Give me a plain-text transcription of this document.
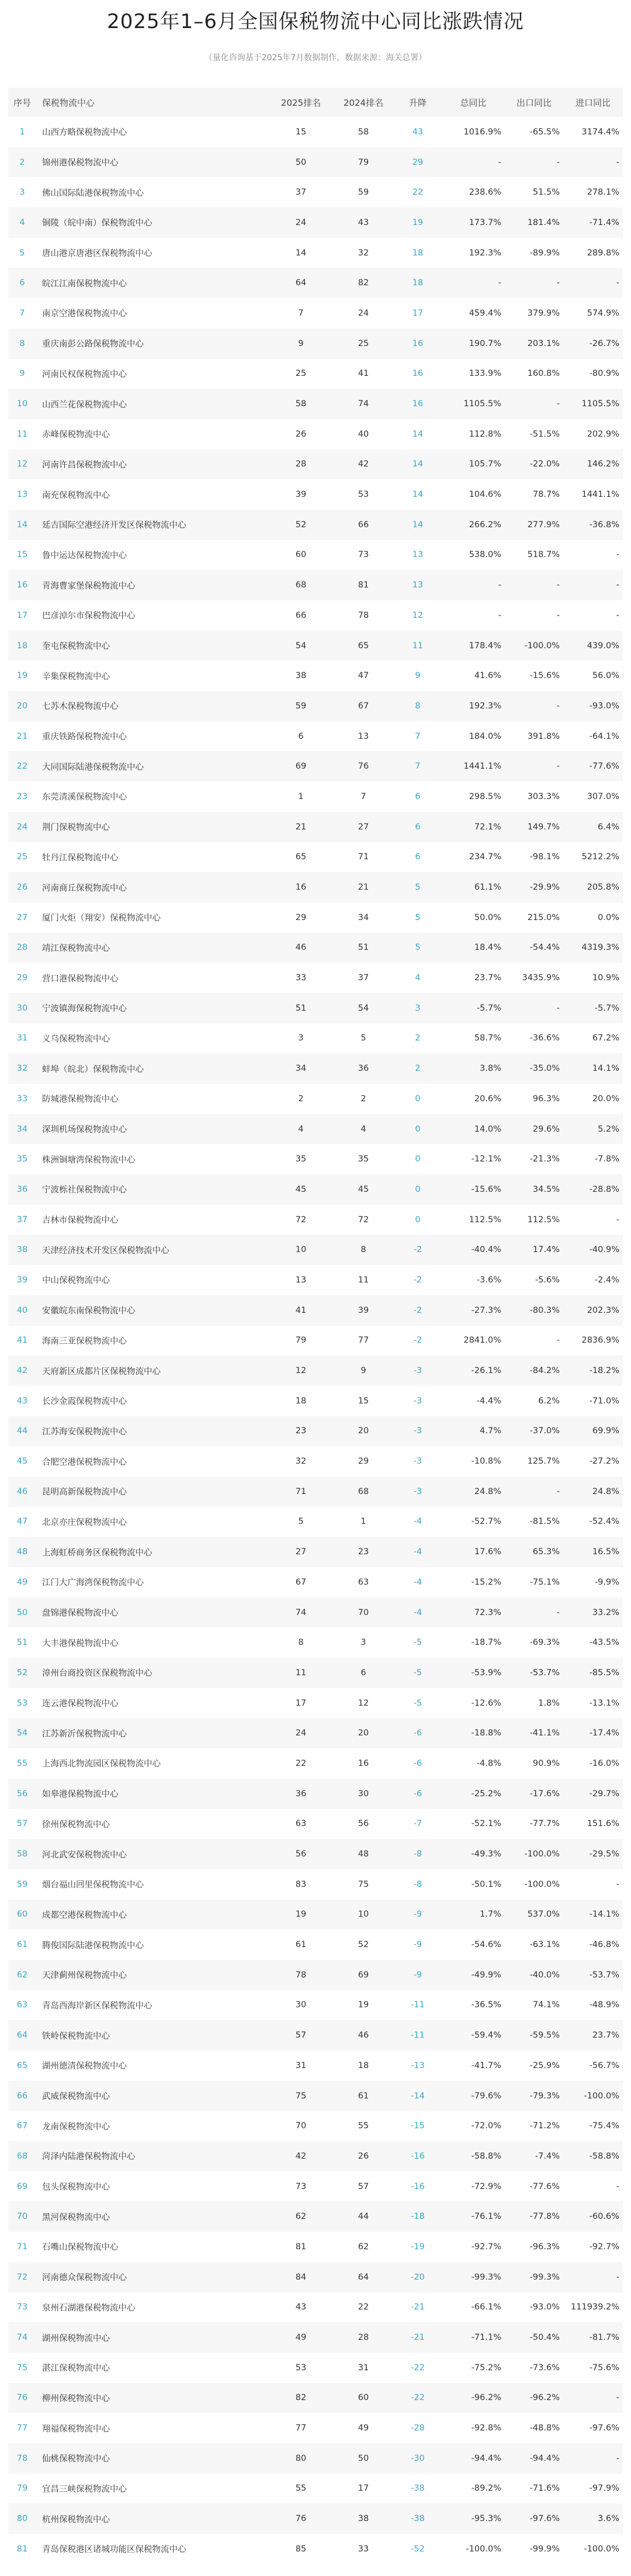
2025年1–6月全国保税物流中心同比涨跌情况
（量化咨询基于2025年7月数据制作，数据来源：海关总署）
序号	保税物流中心	2025排名	2024排名	升降	总同比	出口同比	进口同比
1	山西方略保税物流中心	15	58	43	1016.9%	-65.5%	3174.4%
2	锦州港保税物流中心	50	79	29	-	-	-
3	佛山国际陆港保税物流中心	37	59	22	238.6%	51.5%	278.1%
4	铜陵（皖中南）保税物流中心	24	43	19	173.7%	181.4%	-71.4%
5	唐山港京唐港区保税物流中心	14	32	18	192.3%	-89.9%	289.8%
6	皖江江南保税物流中心	64	82	18	-	-	-
7	南京空港保税物流中心	7	24	17	459.4%	379.9%	574.9%
8	重庆南彭公路保税物流中心	9	25	16	190.7%	203.1%	-26.7%
9	河南民权保税物流中心	25	41	16	133.9%	160.8%	-80.9%
10	山西兰花保税物流中心	58	74	16	1105.5%	-	1105.5%
11	赤峰保税物流中心	26	40	14	112.8%	-51.5%	202.9%
12	河南许昌保税物流中心	28	42	14	105.7%	-22.0%	146.2%
13	南充保税物流中心	39	53	14	104.6%	78.7%	1441.1%
14	延吉国际空港经济开发区保税物流中心	52	66	14	266.2%	277.9%	-36.8%
15	鲁中运达保税物流中心	60	73	13	538.0%	518.7%	-
16	青海曹家堡保税物流中心	68	81	13	-	-	-
17	巴彦淖尔市保税物流中心	66	78	12	-	-	-
18	奎屯保税物流中心	54	65	11	178.4%	-100.0%	439.0%
19	辛集保税物流中心	38	47	9	41.6%	-15.6%	56.0%
20	七苏木保税物流中心	59	67	8	192.3%	-	-93.0%
21	重庆铁路保税物流中心	6	13	7	184.0%	391.8%	-64.1%
22	大同国际陆港保税物流中心	69	76	7	1441.1%	-	-77.6%
23	东莞清溪保税物流中心	1	7	6	298.5%	303.3%	307.0%
24	荆门保税物流中心	21	27	6	72.1%	149.7%	6.4%
25	牡丹江保税物流中心	65	71	6	234.7%	-98.1%	5212.2%
26	河南商丘保税物流中心	16	21	5	61.1%	-29.9%	205.8%
27	厦门火炬（翔安）保税物流中心	29	34	5	50.0%	215.0%	0.0%
28	靖江保税物流中心	46	51	5	18.4%	-54.4%	4319.3%
29	营口港保税物流中心	33	37	4	23.7%	3435.9%	10.9%
30	宁波镇海保税物流中心	51	54	3	-5.7%	-	-5.7%
31	义乌保税物流中心	3	5	2	58.7%	-36.6%	67.2%
32	蚌埠（皖北）保税物流中心	34	36	2	3.8%	-35.0%	14.1%
33	防城港保税物流中心	2	2	0	20.6%	96.3%	20.0%
34	深圳机场保税物流中心	4	4	0	14.0%	29.6%	5.2%
35	株洲铜塘湾保税物流中心	35	35	0	-12.1%	-21.3%	-7.8%
36	宁波栎社保税物流中心	45	45	0	-15.6%	34.5%	-28.8%
37	吉林市保税物流中心	72	72	0	112.5%	112.5%	-
38	天津经济技术开发区保税物流中心	10	8	-2	-40.4%	17.4%	-40.9%
39	中山保税物流中心	13	11	-2	-3.6%	-5.6%	-2.4%
40	安徽皖东南保税物流中心	41	39	-2	-27.3%	-80.3%	202.3%
41	海南三亚保税物流中心	79	77	-2	2841.0%	-	2836.9%
42	天府新区成都片区保税物流中心	12	9	-3	-26.1%	-84.2%	-18.2%
43	长沙金霞保税物流中心	18	15	-3	-4.4%	6.2%	-71.0%
44	江苏海安保税物流中心	23	20	-3	4.7%	-37.0%	69.9%
45	合肥空港保税物流中心	32	29	-3	-10.8%	125.7%	-27.2%
46	昆明高新保税物流中心	71	68	-3	24.8%	-	24.8%
47	北京亦庄保税物流中心	5	1	-4	-52.7%	-81.5%	-52.4%
48	上海虹桥商务区保税物流中心	27	23	-4	17.6%	65.3%	16.5%
49	江门大广海湾保税物流中心	67	63	-4	-15.2%	-75.1%	-9.9%
50	盘锦港保税物流中心	74	70	-4	72.3%	-	33.2%
51	大丰港保税物流中心	8	3	-5	-18.7%	-69.3%	-43.5%
52	漳州台商投资区保税物流中心	11	6	-5	-53.9%	-53.7%	-85.5%
53	连云港保税物流中心	17	12	-5	-12.6%	1.8%	-13.1%
54	江苏新沂保税物流中心	24	20	-6	-18.8%	-41.1%	-17.4%
55	上海西北物流园区保税物流中心	22	16	-6	-4.8%	90.9%	-16.0%
56	如皋港保税物流中心	36	30	-6	-25.2%	-17.6%	-29.7%
57	徐州保税物流中心	63	56	-7	-52.1%	-77.7%	151.6%
58	河北武安保税物流中心	56	48	-8	-49.3%	-100.0%	-29.5%
59	烟台福山回里保税物流中心	83	75	-8	-50.1%	-100.0%	-
60	成都空港保税物流中心	19	10	-9	1.7%	537.0%	-14.1%
61	腾俊国际陆港保税物流中心	61	52	-9	-54.6%	-63.1%	-46.8%
62	天津蓟州保税物流中心	78	69	-9	-49.9%	-40.0%	-53.7%
63	青岛西海岸新区保税物流中心	30	19	-11	-36.5%	74.1%	-48.9%
64	铁岭保税物流中心	57	46	-11	-59.4%	-59.5%	23.7%
65	湖州德清保税物流中心	31	18	-13	-41.7%	-25.9%	-56.7%
66	武威保税物流中心	75	61	-14	-79.6%	-79.3%	-100.0%
67	龙南保税物流中心	70	55	-15	-72.0%	-71.2%	-75.4%
68	菏泽内陆港保税物流中心	42	26	-16	-58.8%	-7.4%	-58.8%
69	包头保税物流中心	73	57	-16	-72.9%	-77.6%	-
70	黑河保税物流中心	62	44	-18	-76.1%	-77.8%	-60.6%
71	石嘴山保税物流中心	81	62	-19	-92.7%	-96.3%	-92.7%
72	河南德众保税物流中心	84	64	-20	-99.3%	-99.3%	-
73	泉州石湖港保税物流中心	43	22	-21	-66.1%	-93.0%	111939.2%
74	湖州保税物流中心	49	28	-21	-71.1%	-50.4%	-81.7%
75	湛江保税物流中心	53	31	-22	-75.2%	-73.6%	-75.6%
76	柳州保税物流中心	82	60	-22	-96.2%	-96.2%	-
77	翔福保税物流中心	77	49	-28	-92.8%	-48.8%	-97.6%
78	仙桃保税物流中心	80	50	-30	-94.4%	-94.4%	-
79	宜昌三峡保税物流中心	55	17	-38	-89.2%	-71.6%	-97.9%
80	杭州保税物流中心	76	38	-38	-95.3%	-97.6%	3.6%
81	青岛保税港区诸城功能区保税物流中心	85	33	-52	-100.0%	-99.9%	-100.0%
